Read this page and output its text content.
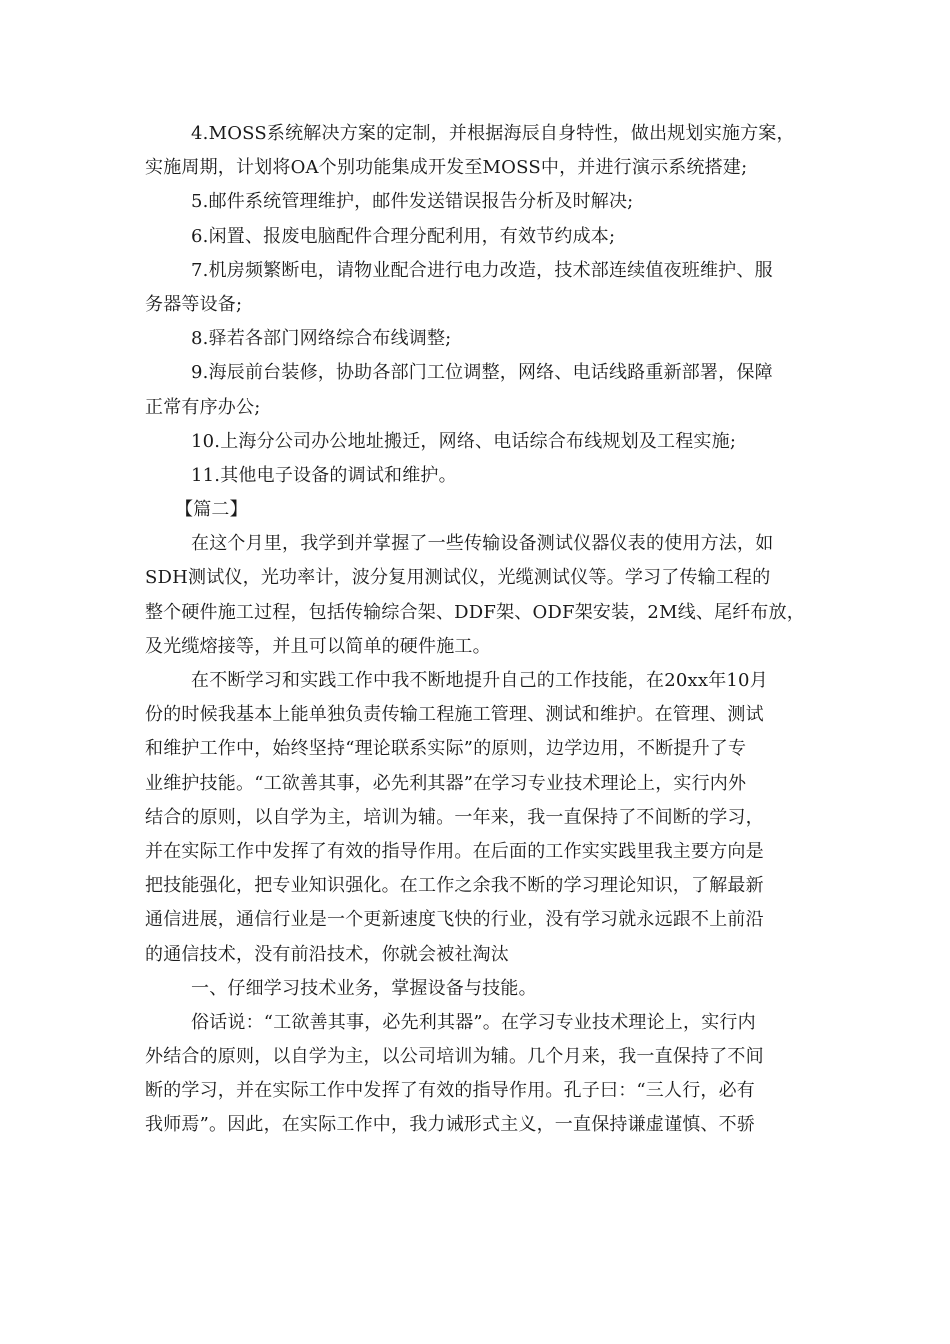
4.MOSS系统解决方案的定制，并根据海辰自身特性，做出规划实施方案，
实施周期，计划将OA个别功能集成开发至MOSS中，并进行演示系统搭建;
5.邮件系统管理维护，邮件发送错误报告分析及时解决;
6.闲置、报废电脑配件合理分配利用，有效节约成本;
7.机房频繁断电，请物业配合进行电力改造，技术部连续值夜班维护、服
务器等设备;
8.驿若各部门网络综合布线调整;
9.海辰前台装修，协助各部门工位调整，网络、电话线路重新部署，保障
正常有序办公;
10.上海分公司办公地址搬迁，网络、电话综合布线规划及工程实施;
11.其他电子设备的调试和维护。
【篇二】
在这个月里，我学到并掌握了一些传输设备测试仪器仪表的使用方法，如
SDH测试仪，光功率计，波分复用测试仪，光缆测试仪等。学习了传输工程的
整个硬件施工过程，包括传输综合架、DDF架、ODF架安装，2M线、尾纤布放，
及光缆熔接等，并且可以简单的硬件施工。
在不断学习和实践工作中我不断地提升自己的工作技能，在20xx年10月
份的时候我基本上能单独负责传输工程施工管理、测试和维护。在管理、测试
和维护工作中，始终坚持“理论联系实际”的原则，边学边用，不断提升了专
业维护技能。“工欲善其事，必先利其器”在学习专业技术理论上，实行内外
结合的原则，以自学为主，培训为辅。一年来，我一直保持了不间断的学习，
并在实际工作中发挥了有效的指导作用。在后面的工作实实践里我主要方向是
把技能强化，把专业知识强化。在工作之余我不断的学习理论知识，了解最新
通信进展，通信行业是一个更新速度飞快的行业，没有学习就永远跟不上前沿
的通信技术，没有前沿技术，你就会被社淘汰
一、仔细学习技术业务，掌握设备与技能。
俗话说：“工欲善其事，必先利其器”。在学习专业技术理论上，实行内
外结合的原则，以自学为主，以公司培训为辅。几个月来，我一直保持了不间
断的学习，并在实际工作中发挥了有效的指导作用。孔子曰：“三人行，必有
我师焉”。因此，在实际工作中，我力诫形式主义，一直保持谦虚谨慎、不骄
